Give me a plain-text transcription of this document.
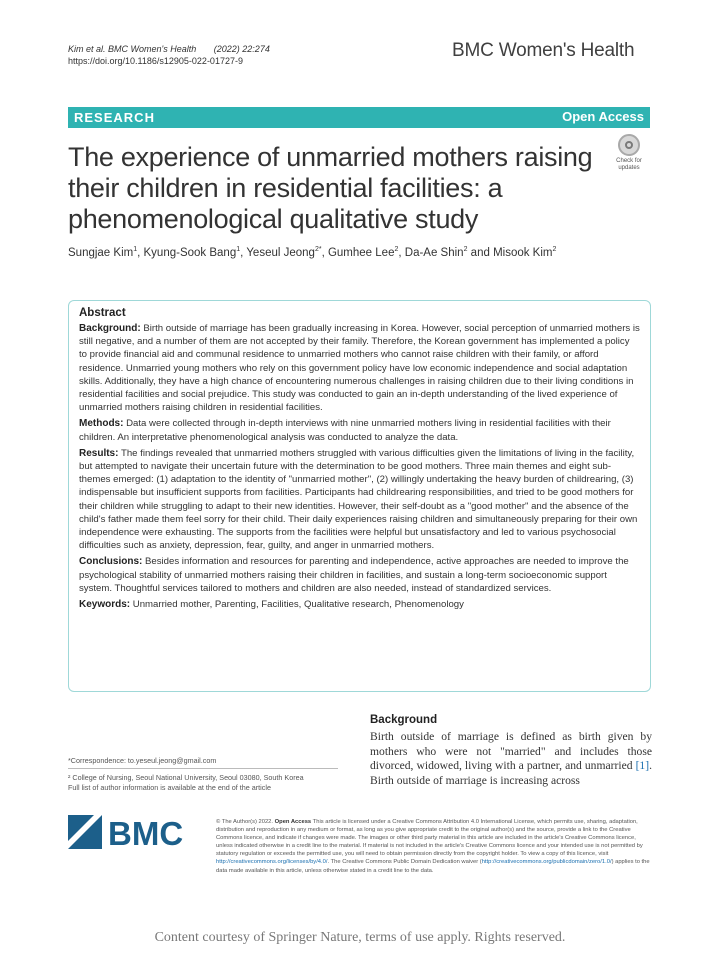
Kim et al. BMC Women's Health (2022) 22:274
https://doi.org/10.1186/s12905-022-01727-9	BMC Women's Health
RESEARCH	Open Access
Check for
updates
The experience of unmarried mothers raising their children in residential facilities: a phenomenological qualitative study
Sungjae Kim$^1$, Kyung-Sook Bang$^1$, Yeseul Jeong$^{2*}$, Gumhee Lee$^2$, Da-Ae Shin$^2$ and Misook Kim$^2$
Abstract

Background: Birth outside of marriage has been gradually increasing in Korea. However, social perception of unmarried mothers is still negative, and a number of them are not accepted by their family. Therefore, the Korean government has implemented a policy to provide financial aid and communal residence to unmarried mothers who cannot raise children with their family, or afford residence. Unmarried young mothers who rely on this government policy have low economic independence and social adaptation skills. Additionally, they have a high chance of encountering numerous challenges in raising children due to their living conditions in residential facilities and social prejudice. This study was conducted to gain an in-depth understanding of the lived experience of unmarried mothers raising children in residential facilities.

Methods: Data were collected through in-depth interviews with nine unmarried mothers living in residential facilities with their children. An interpretative phenomenological analysis was conducted to analyze the data.

Results: The findings revealed that unmarried mothers struggled with various difficulties given the limitations of living in the facility, but attempted to navigate their uncertain future with the determination to be good mothers. Three main themes and eight sub-themes emerged: (1) adaptation to the identity of "unmarried mother", (2) willingly undertaking the heavy burden of childrearing, (3) indispensable but insufficient supports from facilities. Participants had childrearing responsibilities, and tried to be good mothers for their children while struggling to adapt to their new identities. However, their self-doubt as a "good mother" and the absence of the child's father made them feel sorry for their child. Their daily experiences raising children and simultaneously preparing for their own independence were exhausting. The supports from the facilities were helpful but unsatisfactory and led to various psychosocial difficulties such as anxiety, depression, fear, guilty, and anger in unmarried mothers.

Conclusions: Besides information and resources for parenting and independence, active approaches are needed to improve the psychological stability of unmarried mothers raising their children in facilities, and sustain a long-term socioeconomic support system. Thoughtful services tailored to mothers and children are also needed, instead of standardized services.

Keywords: Unmarried mother, Parenting, Facilities, Qualitative research, Phenomenology

Background
Birth outside of marriage is defined as birth given by mothers who were not "married" and includes those divorced, widowed, living with a partner, and unmarried [1]. Birth outside of marriage is increasing across
*Correspondence: to.yeseul.jeong@gmail.com
² College of Nursing, Seoul National University, Seoul 03080, South Korea
Full list of author information is available at the end of the article
BMC	© The Author(s) 2022. Open Access This article is licensed under a Creative Commons Attribution 4.0 International License, which permits use, sharing, adaptation, distribution and reproduction in any medium or format, as long as you give appropriate credit to the original author(s) and the source, provide a link to the Creative Commons licence, and indicate if changes were made. The images or other third party material in this article are included in the article's Creative Commons licence, unless indicated otherwise in a credit line to the material. If material is not included in the article's Creative Commons licence and your intended use is not permitted by statutory regulation or exceeds the permitted use, you will need to obtain permission directly from the copyright holder. To view a copy of this licence, visit http://creativecommons.org/licenses/by/4.0/. The Creative Commons Public Domain Dedication waiver (http://creativecommons.org/publicdomain/zero/1.0/) applies to the data made available in this article, unless otherwise stated in a credit line to the data.
Content courtesy of Springer Nature, terms of use apply. Rights reserved.
